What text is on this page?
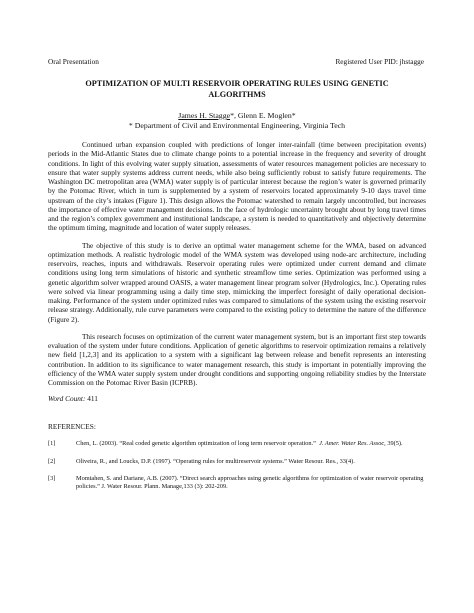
Oral Presentation	Registered User PID: jhstagge
OPTIMIZATION OF MULTI RESERVOIR OPERATING RULES USING GENETIC ALGORITHMS
James H. Stagge*, Glenn E. Moglen*
* Department of Civil and Environmental Engineering, Virginia Tech

Continued urban expansion coupled with predictions of longer inter-rainfall (time between precipitation events) periods in the Mid-Atlantic States due to climate change points to a potential increase in the frequency and severity of drought conditions. In light of this evolving water supply situation, assessments of water resources management policies are necessary to ensure that water supply systems address current needs, while also being sufficiently robust to satisfy future requirements. The Washington DC metropolitan area (WMA) water supply is of particular interest because the region’s water is governed primarily by the Potomac River, which in turn is supplemented by a system of reservoirs located approximately 9-10 days travel time upstream of the city’s intakes (Figure 1). This design allows the Potomac watershed to remain largely uncontrolled, but increases the importance of effective water management decisions. In the face of hydrologic uncertainty brought about by long travel times and the region’s complex government and institutional landscape, a system is needed to quantitatively and objectively determine the optimum timing, magnitude and location of water supply releases.

The objective of this study is to derive an optimal water management scheme for the WMA, based on advanced optimization methods. A realistic hydrologic model of the WMA system was developed using node-arc architecture, including reservoirs, reaches, inputs and withdrawals. Reservoir operating rules were optimized under current demand and climate conditions using long term simulations of historic and synthetic streamflow time series. Optimization was performed using a genetic algorithm solver wrapped around OASIS, a water management linear program solver (Hydrologics, Inc.). Operating rules were solved via linear programming using a daily time step, mimicking the imperfect foresight of daily operational decision-making. Performance of the system under optimized rules was compared to simulations of the system using the existing reservoir release strategy. Additionally, rule curve parameters were compared to the existing policy to determine the nature of the difference (Figure 2).

This research focuses on optimization of the current water management system, but is an important first step towards evaluation of the system under future conditions. Application of genetic algorithms to reservoir optimization remains a relatively new field [1,2,3] and its application to a system with a significant lag between release and benefit represents an interesting contribution. In addition to its significance to water management research, this study is important in potentially improving the efficiency of the WMA water supply system under drought conditions and supporting ongoing reliability studies by the Interstate Commission on the Potomac River Basin (ICPRB).

Word Count: 411
REFERENCES:
[1]	Chen, L. (2003). “Real coded genetic algorithm optimization of long term reservoir operation.” J. Amer. Water Res. Assoc, 39(5).
[2]	Oliveira, R., and Loucks, D.P. (1997). “Operating rules for multireservoir systems.” Water Resour. Res., 33(4).
[3]	Momtahen, S. and Dariane, A.B. (2007). “Direct search approaches using genetic algorithms for optimization of water reservoir operating policies.” J. Water Resour. Plann. Manage,133 (3): 202-209.
